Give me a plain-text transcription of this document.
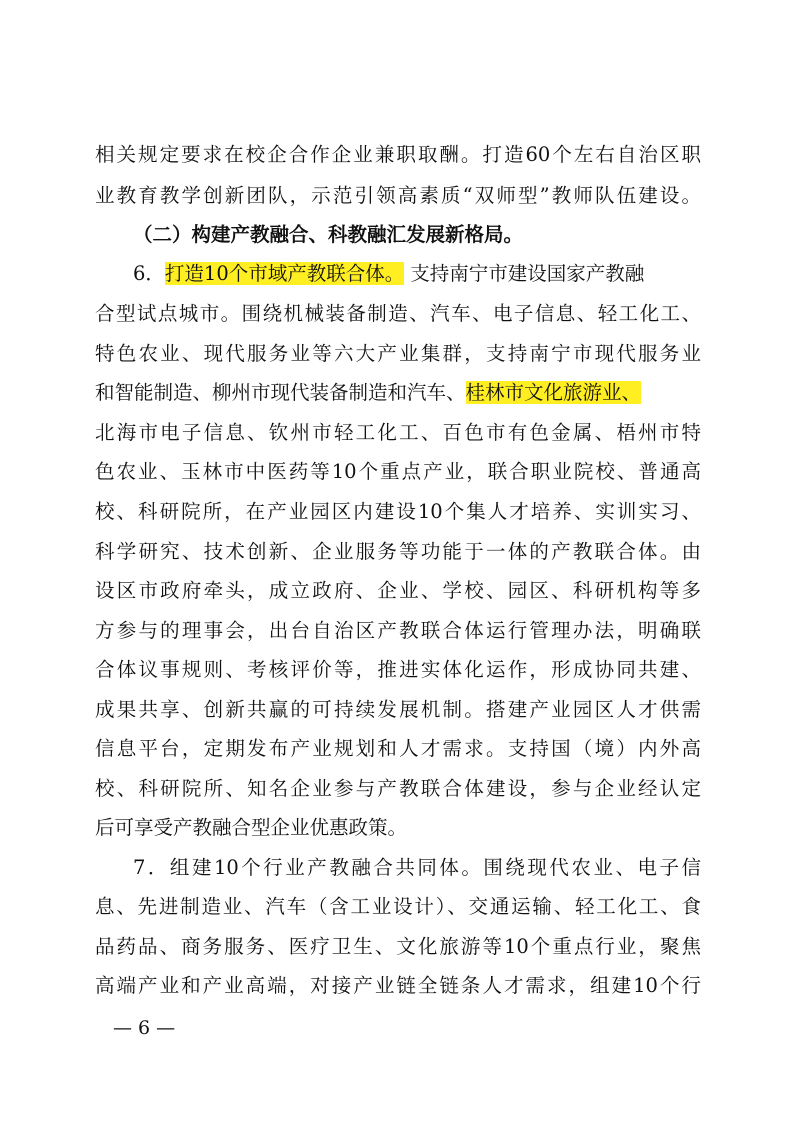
相关规定要求在校企合作企业兼职取酬。打造60个左右自治区职
业教育教学创新团队，示范引领高素质“双师型”教师队伍建设。
（二）构建产教融合、科教融汇发展新格局。
6．打造10个市域产教联合体。 支持南宁市建设国家产教融
合型试点城市。围绕机械装备制造、汽车、电子信息、轻工化工、
特色农业、现代服务业等六大产业集群，支持南宁市现代服务业
和智能制造、柳州市现代装备制造和汽车、桂林市文化旅游业、
北海市电子信息、钦州市轻工化工、百色市有色金属、梧州市特
色农业、玉林市中医药等10个重点产业，联合职业院校、普通高
校、科研院所，在产业园区内建设10个集人才培养、实训实习、
科学研究、技术创新、企业服务等功能于一体的产教联合体。由
设区市政府牵头，成立政府、企业、学校、园区、科研机构等多
方参与的理事会，出台自治区产教联合体运行管理办法，明确联
合体议事规则、考核评价等，推进实体化运作，形成协同共建、
成果共享、创新共赢的可持续发展机制。搭建产业园区人才供需
信息平台，定期发布产业规划和人才需求。支持国（境）内外高
校、科研院所、知名企业参与产教联合体建设，参与企业经认定
后可享受产教融合型企业优惠政策。
7．组建10个行业产教融合共同体。围绕现代农业、电子信
息、先进制造业、汽车（含工业设计）、交通运输、轻工化工、食
品药品、商务服务、医疗卫生、文化旅游等10个重点行业，聚焦
高端产业和产业高端，对接产业链全链条人才需求，组建10个行
— 6 —
